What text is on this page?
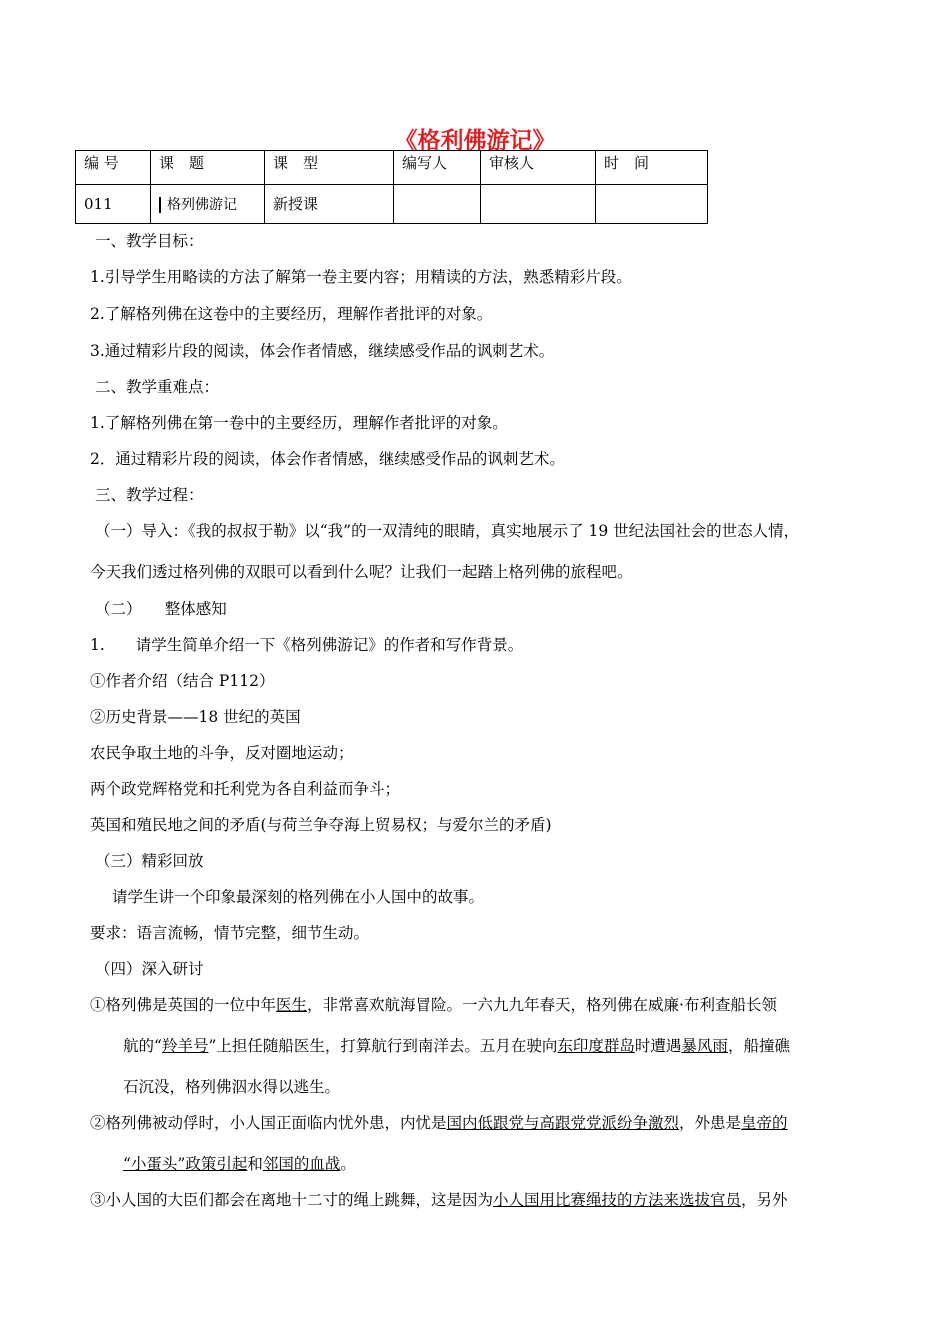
《格利佛游记》
编 号	课　题	课　型	编写人	审核人	时　间
011	格列佛游记	新授课			
一、教学目标：
1.引导学生用略读的方法了解第一卷主要内容；用精读的方法，熟悉精彩片段。
2.了解格列佛在这卷中的主要经历，理解作者批评的对象。
3.通过精彩片段的阅读，体会作者情感，继续感受作品的讽刺艺术。
二、教学重难点：
1.了解格列佛在第一卷中的主要经历，理解作者批评的对象。
2．通过精彩片段的阅读，体会作者情感，继续感受作品的讽刺艺术。
三、教学过程：
（一）导入：《我的叔叔于勒》以“我”的一双清纯的眼睛，真实地展示了 19 世纪法国社会的世态人情，
今天我们透过格列佛的双眼可以看到什么呢？让我们一起踏上格列佛的旅程吧。
（二）　　整体感知
1.　　请学生简单介绍一下《格列佛游记》的作者和写作背景。
①作者介绍（结合 P112）
②历史背景——18 世纪的英国
农民争取土地的斗争，反对圈地运动；
两个政党辉格党和托利党为各自利益而争斗；
英国和殖民地之间的矛盾(与荷兰争夺海上贸易权；与爱尔兰的矛盾)
（三）精彩回放
请学生讲一个印象最深刻的格列佛在小人国中的故事。
要求：语言流畅，情节完整，细节生动。
（四）深入研讨
①格列佛是英国的一位中年医生，非常喜欢航海冒险。一六九九年春天，格列佛在威廉·布利查船长领
航的“羚羊号”上担任随船医生，打算航行到南洋去。五月在驶向东印度群岛时遭遇暴风雨，船撞礁
石沉没，格列佛泅水得以逃生。
②格列佛被动俘时，小人国正面临内忧外患，内忧是国内低跟党与高跟党党派纷争激烈，外患是皇帝的
“小蛋头”政策引起和邻国的血战。
③小人国的大臣们都会在离地十二寸的绳上跳舞，这是因为小人国用比赛绳技的方法来选拔官员，另外
